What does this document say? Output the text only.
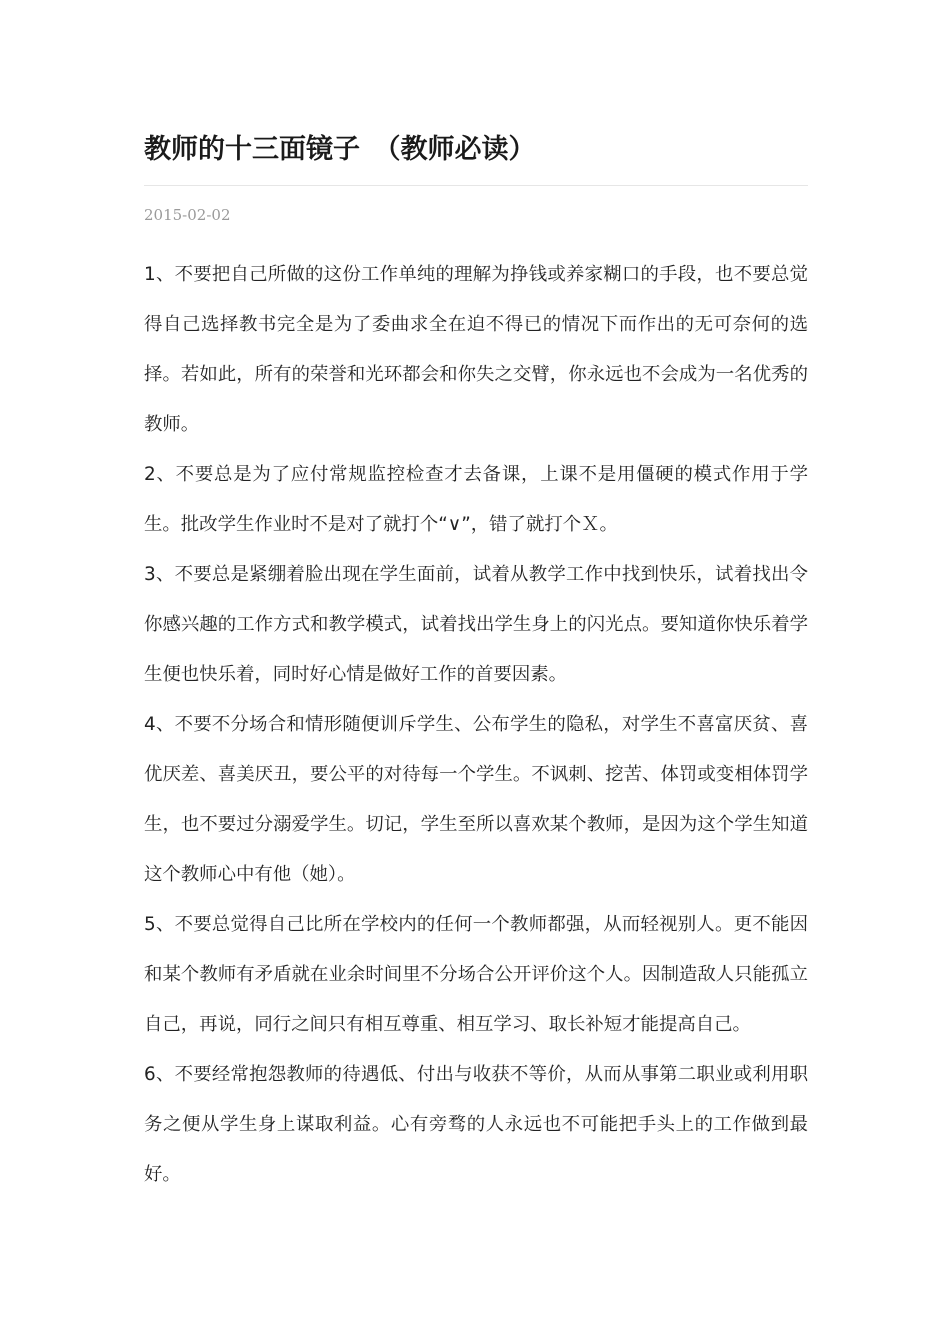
教师的十三面镜子　（教师必读）
2015-02-02

1、不要把自己所做的这份工作单纯的理解为挣钱或养家糊口的手段，也不要总觉得自己选择教书完全是为了委曲求全在迫不得已的情况下而作出的无可奈何的选择。若如此，所有的荣誉和光环都会和你失之交臂，你永远也不会成为一名优秀的教师。

2、不要总是为了应付常规监控检查才去备课，上课不是用僵硬的模式作用于学生。批改学生作业时不是对了就打个“∨”，错了就打个Ｘ。

3、不要总是紧绷着脸出现在学生面前，试着从教学工作中找到快乐，试着找出令你感兴趣的工作方式和教学模式，试着找出学生身上的闪光点。要知道你快乐着学生便也快乐着，同时好心情是做好工作的首要因素。

4、不要不分场合和情形随便训斥学生、公布学生的隐私，对学生不喜富厌贫、喜优厌差、喜美厌丑，要公平的对待每一个学生。不讽刺、挖苦、体罚或变相体罚学生，也不要过分溺爱学生。切记，学生至所以喜欢某个教师，是因为这个学生知道这个教师心中有他（她）。

5、不要总觉得自己比所在学校内的任何一个教师都强，从而轻视别人。更不能因和某个教师有矛盾就在业余时间里不分场合公开评价这个人。因制造敌人只能孤立自己，再说，同行之间只有相互尊重、相互学习、取长补短才能提高自己。

6、不要经常抱怨教师的待遇低、付出与收获不等价，从而从事第二职业或利用职务之便从学生身上谋取利益。心有旁骛的人永远也不可能把手头上的工作做到最好。
